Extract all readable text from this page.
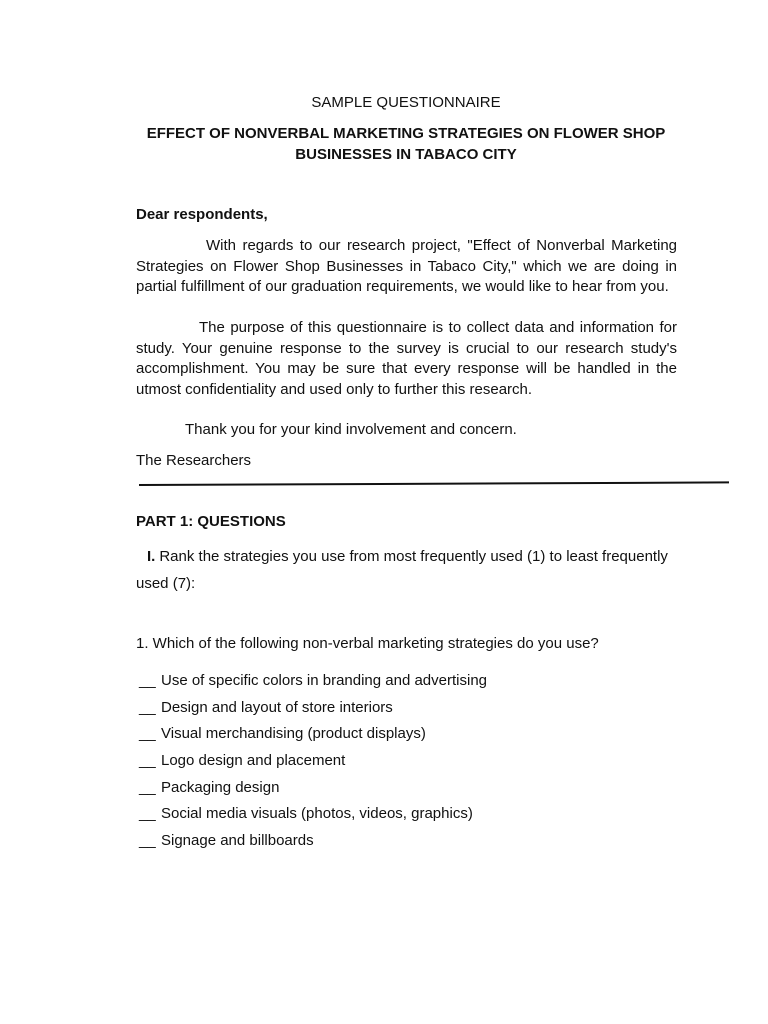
SAMPLE QUESTIONNAIRE
EFFECT OF NONVERBAL MARKETING STRATEGIES ON FLOWER SHOP
BUSINESSES IN TABACO CITY

Dear respondents,

With regards to our research project, "Effect of Nonverbal Marketing Strategies on Flower Shop Businesses in Tabaco City," which we are doing in partial fulfillment of our graduation requirements, we would like to hear from you.

The purpose of this questionnaire is to collect data and information for study. Your genuine response to the survey is crucial to our research study's accomplishment. You may be sure that every response will be handled in the utmost confidentiality and used only to further this research.

Thank you for your kind involvement and concern.

The Researchers

PART 1: QUESTIONS

I. Rank the strategies you use from most frequently used (1) to least frequently used (7):

1. Which of the following non-verbal marketing strategies do you use?

__ Use of specific colors in branding and advertising
__ Design and layout of store interiors
__ Visual merchandising (product displays)
__ Logo design and placement
__ Packaging design
__ Social media visuals (photos, videos, graphics)
__ Signage and billboards
